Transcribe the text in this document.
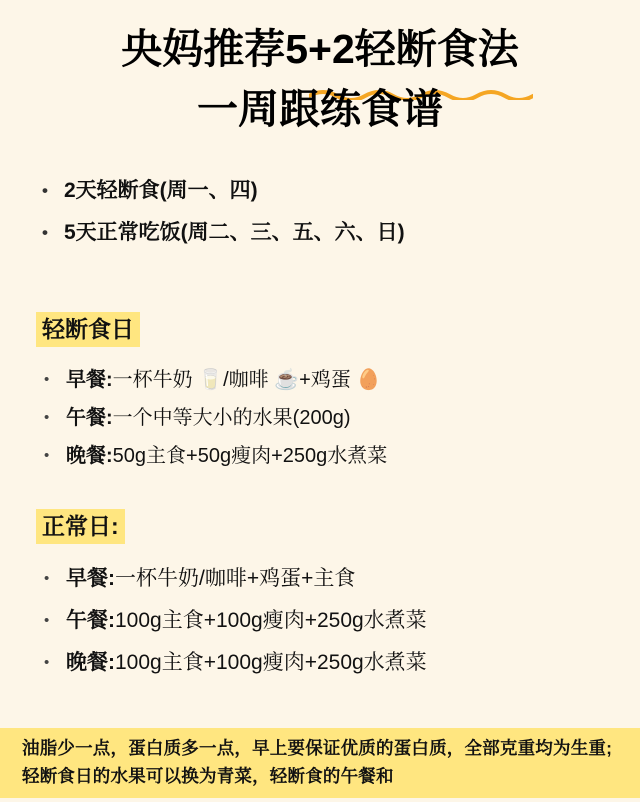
央妈推荐5+2轻断食法
一周跟练食谱
• 2天轻断食(周一、四)
• 5天正常吃饭(周二、三、五、六、日)
轻断食日
• 早餐:一杯牛奶 🥛/咖啡 ☕+鸡蛋 🥚
• 午餐:一个中等大小的水果(200g)
• 晚餐:50g主食+50g瘦肉+250g水煮菜
正常日:
• 早餐:一杯牛奶/咖啡+鸡蛋+主食
• 午餐:100g主食+100g瘦肉+250g水煮菜
• 晚餐:100g主食+100g瘦肉+250g水煮菜
油脂少一点，蛋白质多一点，早上要保证优质的蛋白质，全部克重均为生重;轻断食日的水果可以换为青菜，轻断食的午餐和
